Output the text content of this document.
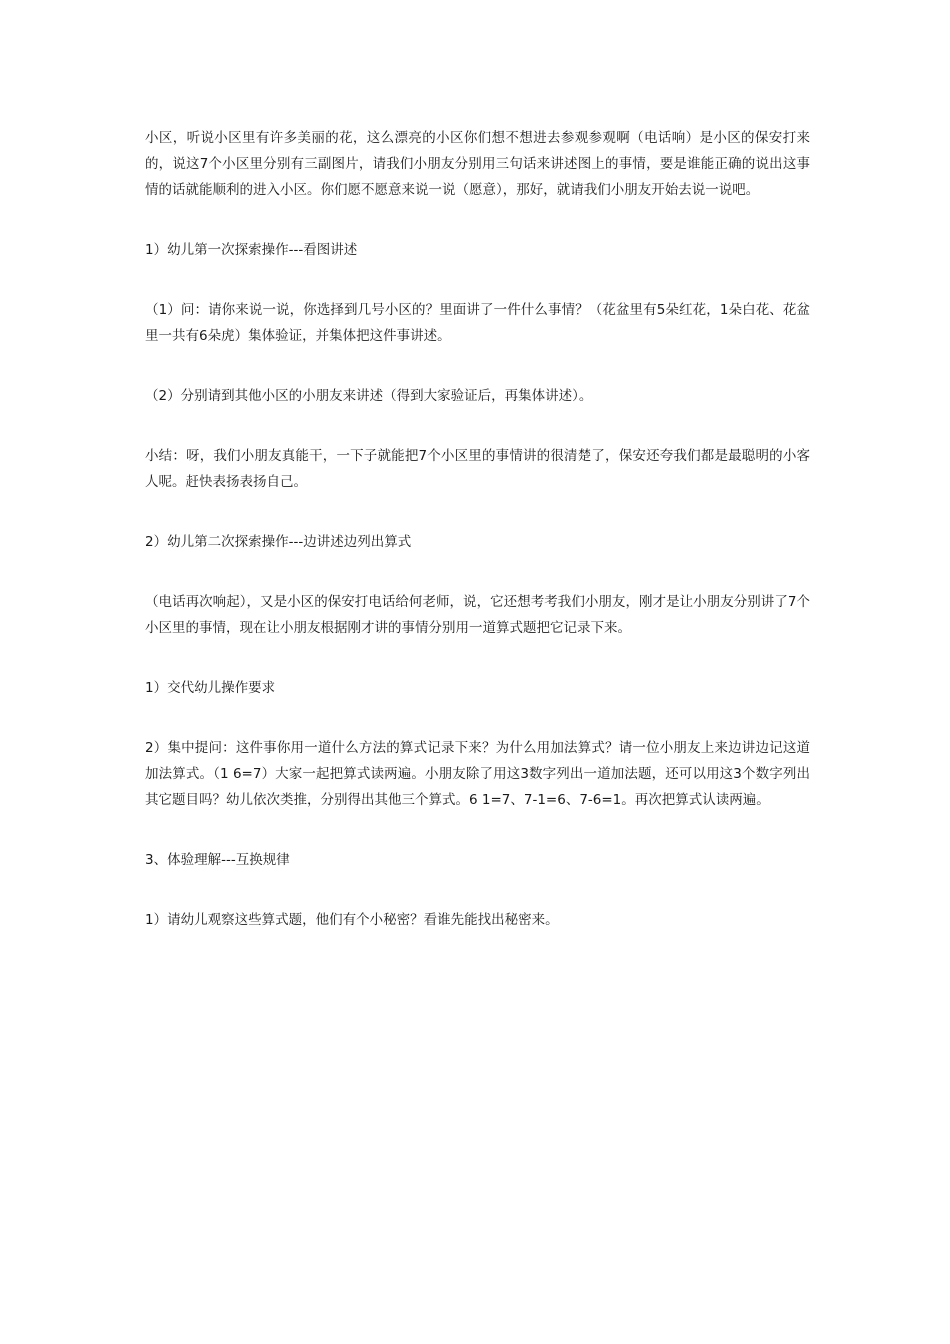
小区，听说小区里有许多美丽的花，这么漂亮的小区你们想不想进去参观参观啊（电话响）是小区的保安打来的，说这7个小区里分别有三副图片，请我们小朋友分别用三句话来讲述图上的事情，要是谁能正确的说出这事情的话就能顺利的进入小区。你们愿不愿意来说一说（愿意），那好，就请我们小朋友开始去说一说吧。

1）幼儿第一次探索操作---看图讲述

（1）问：请你来说一说，你选择到几号小区的？里面讲了一件什么事情？（花盆里有5朵红花，1朵白花、花盆里一共有6朵虎）集体验证，并集体把这件事讲述。

（2）分别请到其他小区的小朋友来讲述（得到大家验证后，再集体讲述）。

小结：呀，我们小朋友真能干，一下子就能把7个小区里的事情讲的很清楚了，保安还夸我们都是最聪明的小客人呢。赶快表扬表扬自己。

2）幼儿第二次探索操作---边讲述边列出算式

（电话再次响起），又是小区的保安打电话给何老师，说，它还想考考我们小朋友，刚才是让小朋友分别讲了7个小区里的事情，现在让小朋友根据刚才讲的事情分别用一道算式题把它记录下来。

1）交代幼儿操作要求

2）集中提问：这件事你用一道什么方法的算式记录下来？为什么用加法算式？请一位小朋友上来边讲边记这道加法算式。（1 6=7）大家一起把算式读两遍。小朋友除了用这3数字列出一道加法题，还可以用这3个数字列出其它题目吗？幼儿依次类推，分别得出其他三个算式。6 1=7、7-1=6、7-6=1。再次把算式认读两遍。

3、体验理解---互换规律

1）请幼儿观察这些算式题，他们有个小秘密？看谁先能找出秘密来。
